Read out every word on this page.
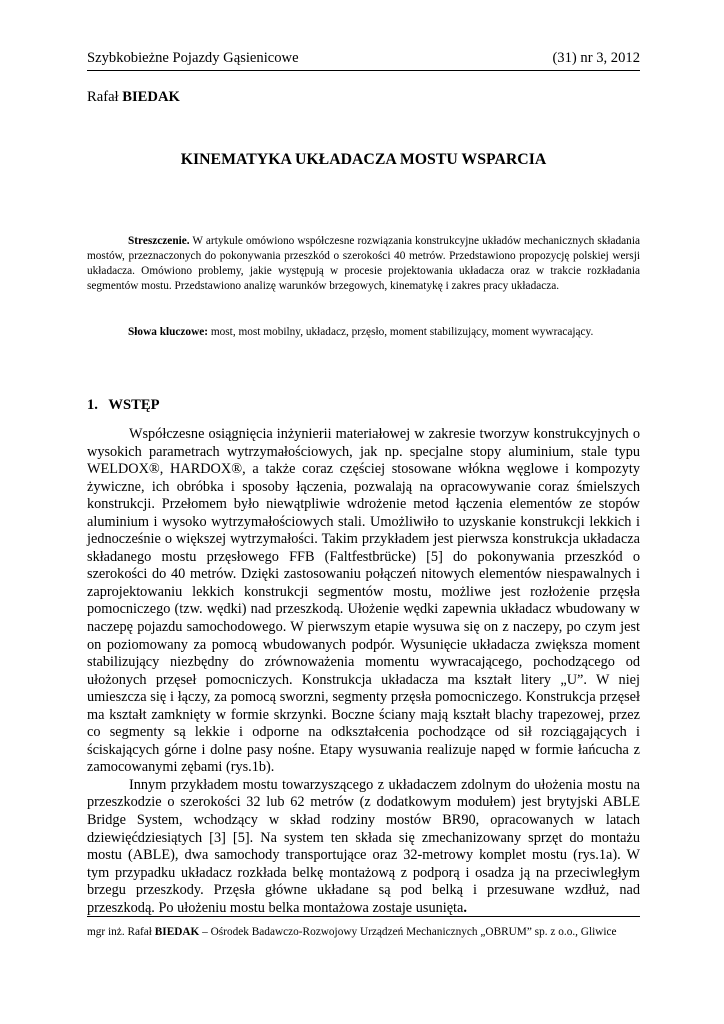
Szybkobieżne Pojazdy Gąsienicowe	(31) nr 3, 2012
Rafał BIEDAK
KINEMATYKA UKŁADACZA MOSTU WSPARCIA

Streszczenie. W artykule omówiono współczesne rozwiązania konstrukcyjne układów mechanicznych składania mostów, przeznaczonych do pokonywania przeszkód o szerokości 40 metrów. Przedstawiono propozycję polskiej wersji układacza. Omówiono problemy, jakie występują w procesie projektowania układacza oraz w trakcie rozkładania segmentów mostu. Przedstawiono analizę warunków brzegowych, kinematykę i zakres pracy układacza.

Słowa kluczowe: most, most mobilny, układacz, przęsło, moment stabilizujący, moment wywracający.

1. WSTĘP

Współczesne osiągnięcia inżynierii materiałowej w zakresie tworzyw konstrukcyjnych o wysokich parametrach wytrzymałościowych, jak np. specjalne stopy aluminium, stale typu WELDOX®, HARDOX®, a także coraz częściej stosowane włókna węglowe i kompozyty żywiczne, ich obróbka i sposoby łączenia, pozwalają na opracowywanie coraz śmielszych konstrukcji. Przełomem było niewątpliwie wdrożenie metod łączenia elementów ze stopów aluminium i wysoko wytrzymałościowych stali. Umożliwiło to uzyskanie konstrukcji lekkich i jednocześnie o większej wytrzymałości. Takim przykładem jest pierwsza konstrukcja układacza składanego mostu przęsłowego FFB (Faltfestbrücke) [5] do pokonywania przeszkód o szerokości do 40 metrów. Dzięki zastosowaniu połączeń nitowych elementów niespawalnych i zaprojektowaniu lekkich konstrukcji segmentów mostu, możliwe jest rozłożenie przęsła pomocniczego (tzw. wędki) nad przeszkodą. Ułożenie wędki zapewnia układacz wbudowany w naczepę pojazdu samochodowego. W pierwszym etapie wysuwa się on z naczepy, po czym jest on poziomowany za pomocą wbudowanych podpór. Wysunięcie układacza zwiększa moment stabilizujący niezbędny do zrównoważenia momentu wywracającego, pochodzącego od ułożonych przęseł pomocniczych. Konstrukcja układacza ma kształt litery „U”. W niej umieszcza się i łączy, za pomocą sworzni, segmenty przęsła pomocniczego. Konstrukcja przęseł ma kształt zamknięty w formie skrzynki. Boczne ściany mają kształt blachy trapezowej, przez co segmenty są lekkie i odporne na odkształcenia pochodzące od sił rozciągających i ściskających górne i dolne pasy nośne. Etapy wysuwania realizuje napęd w formie łańcucha z zamocowanymi zębami (rys.1b).

Innym przykładem mostu towarzyszącego z układaczem zdolnym do ułożenia mostu na przeszkodzie o szerokości 32 lub 62 metrów (z dodatkowym modułem) jest brytyjski ABLE Bridge System, wchodzący w skład rodziny mostów BR90, opracowanych w latach dziewięćdziesiątych [3] [5]. Na system ten składa się zmechanizowany sprzęt do montażu mostu (ABLE), dwa samochody transportujące oraz 32-metrowy komplet mostu (rys.1a). W tym przypadku układacz rozkłada belkę montażową z podporą i osadza ją na przeciwległym brzegu przeszkody. Przęsła główne układane są pod belką i przesuwane wzdłuż, nad przeszkodą. Po ułożeniu mostu belka montażowa zostaje usunięta.

mgr inż. Rafał BIEDAK – Ośrodek Badawczo-Rozwojowy Urządzeń Mechanicznych „OBRUM” sp. z o.o., Gliwice
